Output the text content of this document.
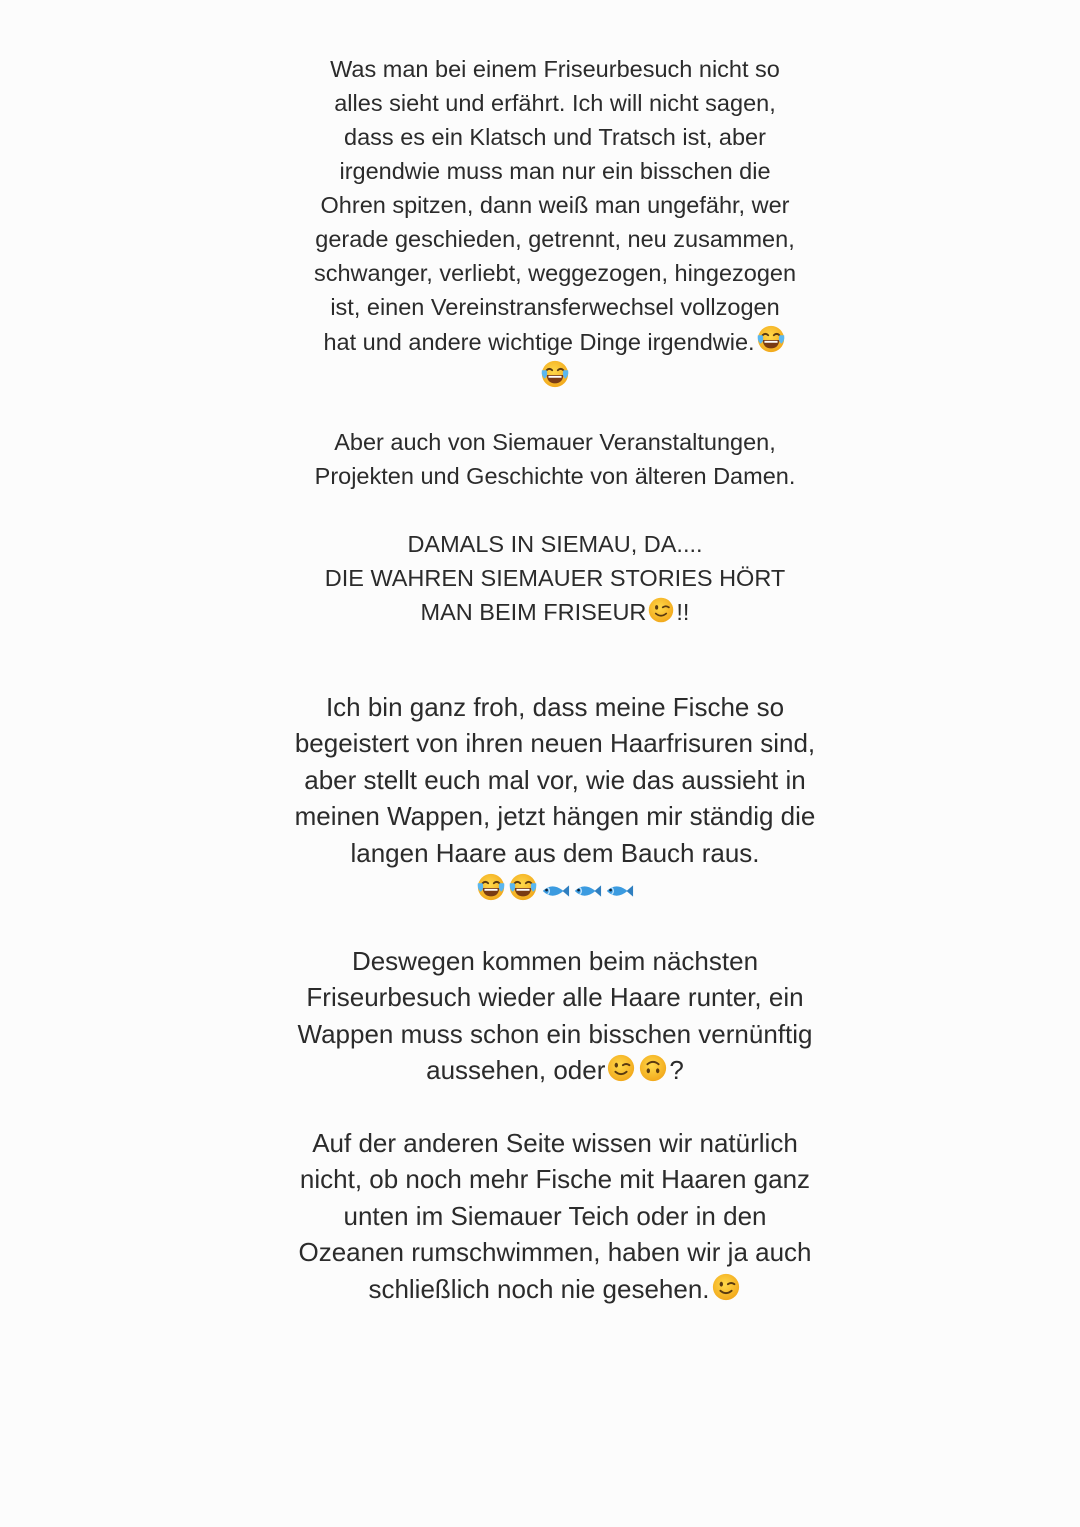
Was man bei einem Friseurbesuch nicht so
alles sieht und erfährt. Ich will nicht sagen,
dass es ein Klatsch und Tratsch ist, aber
irgendwie muss man nur ein bisschen die
Ohren spitzen, dann weiß man ungefähr, wer
gerade geschieden, getrennt, neu zusammen,
schwanger, verliebt, weggezogen, hingezogen
ist, einen Vereinstransferwechsel vollzogen
hat und andere wichtige Dinge irgendwie.
Aber auch von Siemauer Veranstaltungen,
Projekten und Geschichte von älteren Damen.
DAMALS IN SIEMAU, DA....
DIE WAHREN SIEMAUER STORIES HÖRT
MAN BEIM FRISEUR !!
Ich bin ganz froh, dass meine Fische so
begeistert von ihren neuen Haarfrisuren sind,
aber stellt euch mal vor, wie das aussieht in
meinen Wappen, jetzt hängen mir ständig die
langen Haare aus dem Bauch raus.
Deswegen kommen beim nächsten
Friseurbesuch wieder alle Haare runter, ein
Wappen muss schon ein bisschen vernünftig
aussehen, oder ?
Auf der anderen Seite wissen wir natürlich
nicht, ob noch mehr Fische mit Haaren ganz
unten im Siemauer Teich oder in den
Ozeanen rumschwimmen, haben wir ja auch
schließlich noch nie gesehen.
